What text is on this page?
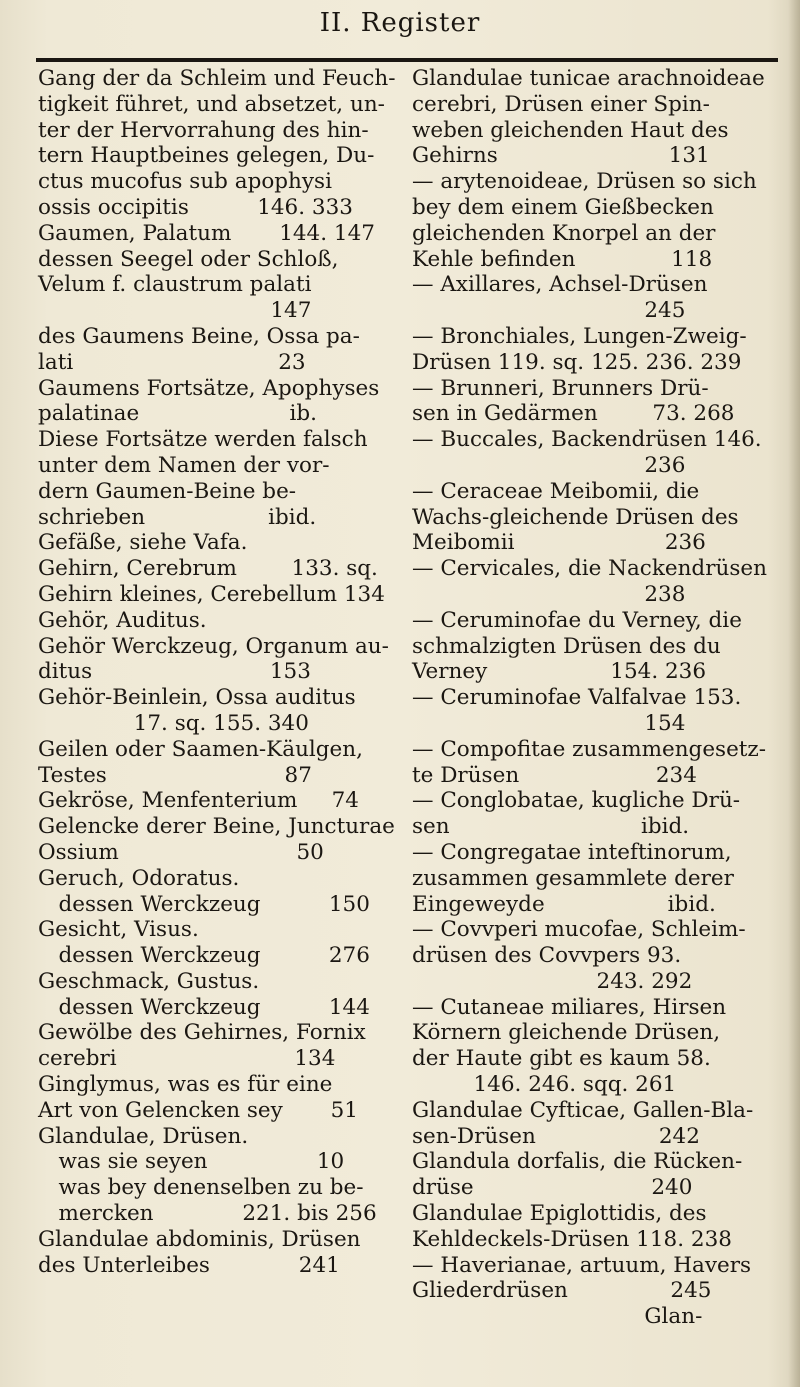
II. Register
Gang der da Schleim und Feuch-
tigkeit führet, und absetzet, un-
ter der Hervorrahung des hin-
tern Hauptbeines gelegen, Du-
ctus mucofus sub apophysi
ossis occipitis          146. 333
Gaumen, Palatum       144. 147
dessen Seegel oder Schloß,
Velum f. claustrum palati
147
des Gaumens Beine, Ossa pa-
lati                              23
Gaumens Fortsätze, Apophyses
palatinae                      ib.
Diese Fortsätze werden falsch
unter dem Namen der vor-
dern Gaumen-Beine be-
schrieben                  ibid.
Gefäße, siehe Vafa.
Gehirn, Cerebrum        133. sq.
Gehirn kleines, Cerebellum 134
Gehör, Auditus.
Gehör Werckzeug, Organum au-
ditus                          153
Gehör-Beinlein, Ossa auditus
17. sq. 155. 340
Geilen oder Saamen-Käulgen,
Testes                          87
Gekröse, Menfenterium     74
Gelencke derer Beine, Juncturae
Ossium                          50
Geruch, Odoratus.
dessen Werckzeug          150
Gesicht, Visus.
dessen Werckzeug          276
Geschmack, Gustus.
dessen Werckzeug          144
Gewölbe des Gehirnes, Fornix
cerebri                          134
Ginglymus, was es für eine
Art von Gelencken sey       51
Glandulae, Drüsen.
was sie seyen                10
was bey denenselben zu be-
mercken             221. bis 256
Glandulae abdominis, Drüsen
des Unterleibes             241
Glandulae tunicae arachnoideae
cerebri, Drüsen einer Spin-
weben gleichenden Haut des
Gehirns                         131
— arytenoideae, Drüsen so sich
bey dem einem Gießbecken
gleichenden Knorpel an der
Kehle befinden              118
— Axillares, Achsel-Drüsen
245
— Bronchiales, Lungen-Zweig-
Drüsen 119. sq. 125. 236. 239
— Brunneri, Brunners Drü-
sen in Gedärmen        73. 268
— Buccales, Backendrüsen 146.
236
— Ceraceae Meibomii, die
Wachs-gleichende Drüsen des
Meibomii                      236
— Cervicales, die Nackendrüsen
238
— Ceruminofae du Verney, die
schmalzigten Drüsen des du
Verney                  154. 236
— Ceruminofae Valfalvae 153.
154
— Compofitae zusammengesetz-
te Drüsen                    234
— Conglobatae, kugliche Drü-
sen                            ibid.
— Congregatae inteftinorum,
zusammen gesammlete derer
Eingeweyde                  ibid.
— Covvperi mucofae, Schleim-
drüsen des Covvpers 93.
243. 292
— Cutaneae miliares, Hirsen
Körnern gleichende Drüsen,
der Haute gibt es kaum 58.
146. 246. sqq. 261
Glandulae Cyfticae, Gallen-Bla-
sen-Drüsen                  242
Glandula dorfalis, die Rücken-
drüse                          240
Glandulae Epiglottidis, des
Kehldeckels-Drüsen 118. 238
— Haverianae, artuum, Havers
Gliederdrüsen               245
Glan-
